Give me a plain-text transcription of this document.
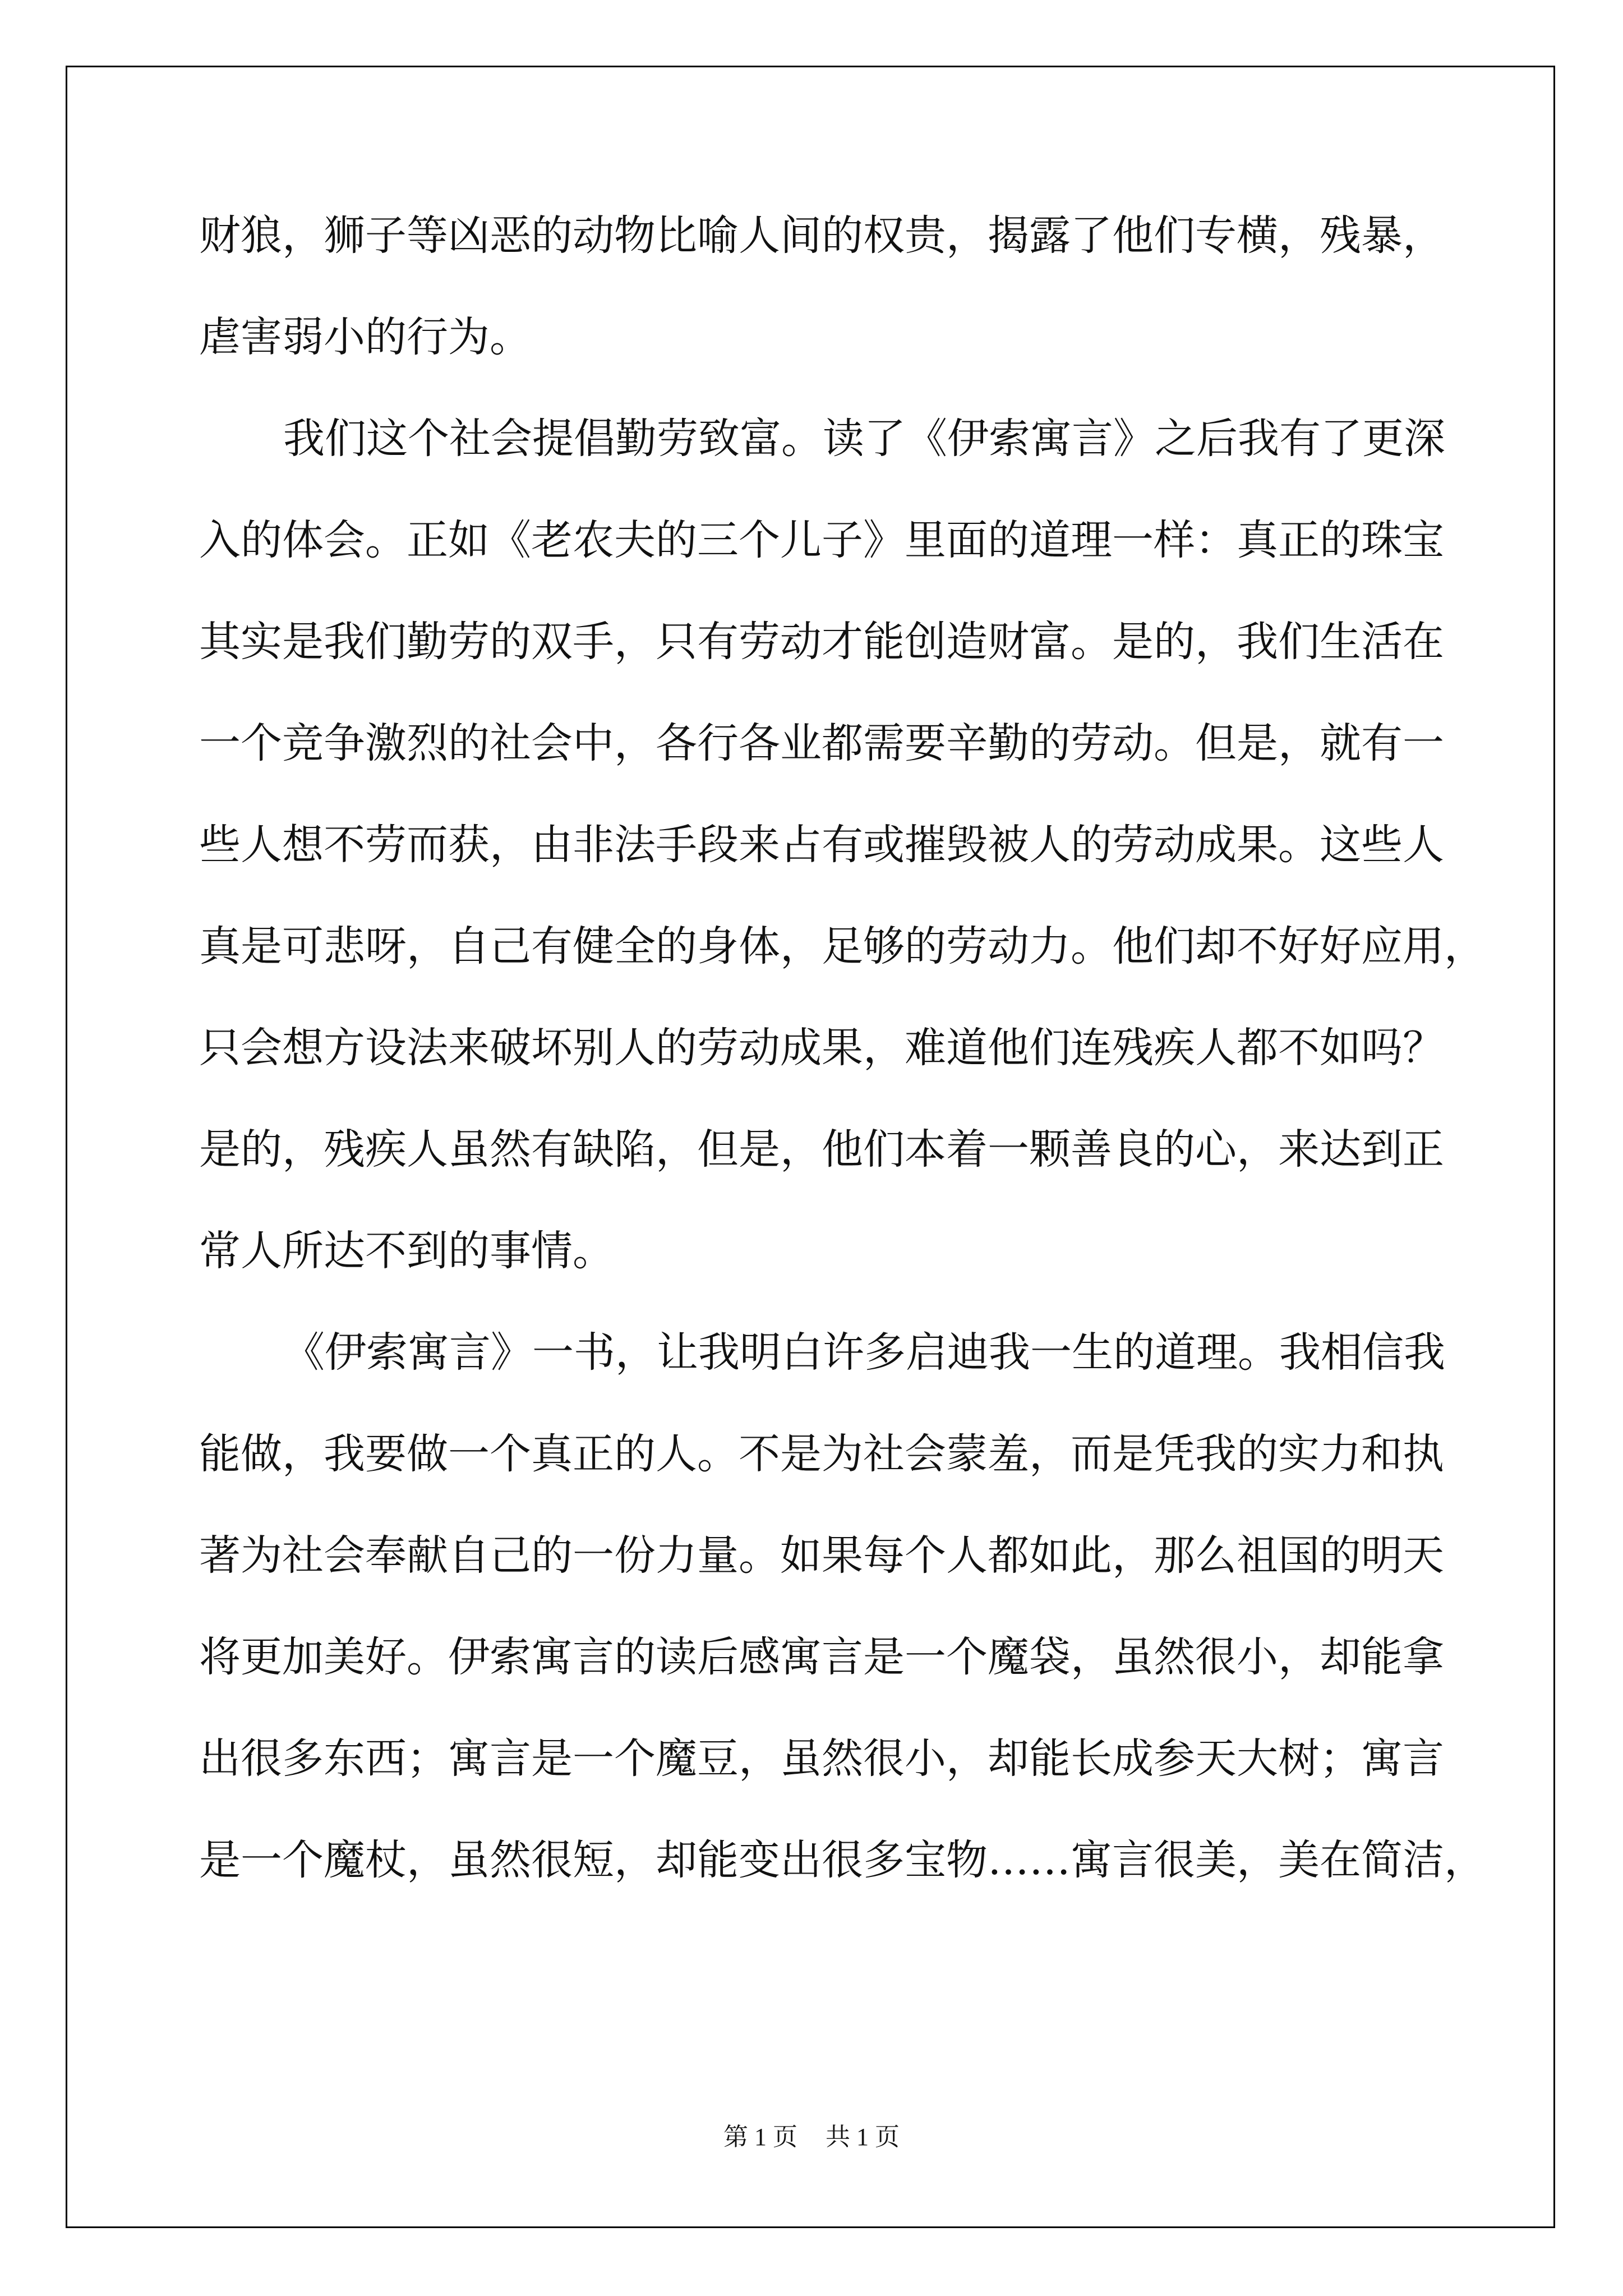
财狼，狮子等凶恶的动物比喻人间的权贵，揭露了他们专横，残暴，
虐害弱小的行为。
我们这个社会提倡勤劳致富。读了《伊索寓言》之后我有了更深
入的体会。正如《老农夫的三个儿子》里面的道理一样：真正的珠宝
其实是我们勤劳的双手，只有劳动才能创造财富。是的，我们生活在
一个竞争激烈的社会中，各行各业都需要辛勤的劳动。但是，就有一
些人想不劳而获，由非法手段来占有或摧毁被人的劳动成果。这些人
真是可悲呀，自己有健全的身体，足够的劳动力。他们却不好好应用，
只会想方设法来破坏别人的劳动成果，难道他们连残疾人都不如吗？
是的，残疾人虽然有缺陷，但是，他们本着一颗善良的心，来达到正
常人所达不到的事情。
《伊索寓言》一书，让我明白许多启迪我一生的道理。我相信我
能做，我要做一个真正的人。不是为社会蒙羞，而是凭我的实力和执
著为社会奉献自己的一份力量。如果每个人都如此，那么祖国的明天
将更加美好。伊索寓言的读后感寓言是一个魔袋，虽然很小，却能拿
出很多东西；寓言是一个魔豆，虽然很小，却能长成参天大树；寓言
是一个魔杖，虽然很短，却能变出很多宝物……寓言很美，美在简洁，
第 1 页 共 1 页
